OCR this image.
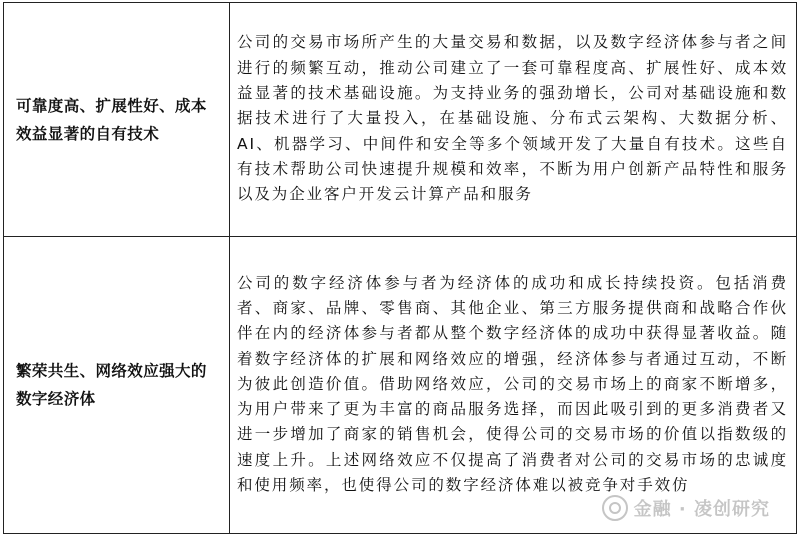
可靠度高、扩展性好、成本效益显著的自有技术	公司的交易市场所产生的大量交易和数据，以及数字经济体参与者之间进行的频繁互动，推动公司建立了一套可靠程度高、扩展性好、成本效益显著的技术基础设施。为支持业务的强劲增长，公司对基础设施和数据技术进行了大量投入，在基础设施、分布式云架构、大数据分析、AI、机器学习、中间件和安全等多个领域开发了大量自有技术。这些自有技术帮助公司快速提升规模和效率，不断为用户创新产品特性和服务以及为企业客户开发云计算产品和服务
繁荣共生、网络效应强大的数字经济体	公司的数字经济体参与者为经济体的成功和成长持续投资。包括消费者、商家、品牌、零售商、其他企业、第三方服务提供商和战略合作伙伴在内的经济体参与者都从整个数字经济体的成功中获得显著收益。随着数字经济体的扩展和网络效应的增强，经济体参与者通过互动，不断为彼此创造价值。借助网络效应，公司的交易市场上的商家不断增多，为用户带来了更为丰富的商品服务选择，而因此吸引到的更多消费者又进一步增加了商家的销售机会，使得公司的交易市场的价值以指数级的速度上升。上述网络效应不仅提高了消费者对公司的交易市场的忠诚度和使用频率，也使得公司的数字经济体难以被竞争对手效仿
金融 · 凌创研究
